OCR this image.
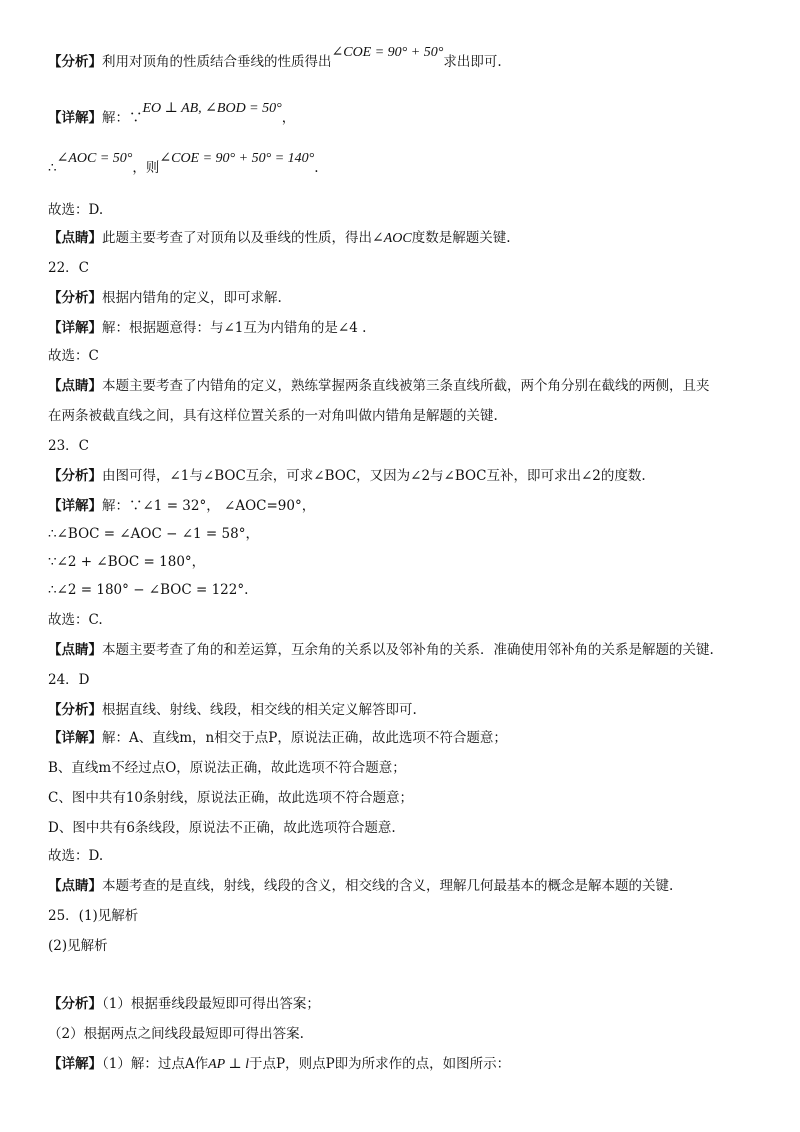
【分析】利用对顶角的性质结合垂线的性质得出∠COE = 90° + 50°求出即可.
【详解】解：∵EO ⊥ AB, ∠BOD = 50°，
∴∠AOC = 50°，则∠COE = 90° + 50° = 140°.
故选：D.
【点睛】此题主要考查了对顶角以及垂线的性质，得出∠AOC度数是解题关键.
22．C
【分析】根据内错角的定义，即可求解.
【详解】解：根据题意得：与∠1互为内错角的是∠4 .
故选：C
【点睛】本题主要考查了内错角的定义，熟练掌握两条直线被第三条直线所截，两个角分别在截线的两侧，且夹
在两条被截直线之间，具有这样位置关系的一对角叫做内错角是解题的关键.
23．C
【分析】由图可得，∠1与∠BOC互余，可求∠BOC，又因为∠2与∠BOC互补，即可求出∠2的度数.
【详解】解：∵∠1 = 32°， ∠AOC=90°，
∴∠BOC = ∠AOC − ∠1 = 58°，
∵∠2 + ∠BOC = 180°，
∴∠2 = 180° − ∠BOC = 122°.
故选：C.
【点睛】本题主要考查了角的和差运算，互余角的关系以及邻补角的关系．准确使用邻补角的关系是解题的关键.
24．D
【分析】根据直线、射线、线段，相交线的相关定义解答即可.
【详解】解：A、直线m，n相交于点P，原说法正确，故此选项不符合题意；
B、直线m不经过点O，原说法正确，故此选项不符合题意；
C、图中共有10条射线，原说法正确，故此选项不符合题意；
D、图中共有6条线段，原说法不正确，故此选项符合题意.
故选：D.
【点睛】本题考查的是直线，射线，线段的含义，相交线的含义，理解几何最基本的概念是解本题的关键.
25．(1)见解析
(2)见解析
【分析】（1）根据垂线段最短即可得出答案；
（2）根据两点之间线段最短即可得出答案.
【详解】（1）解：过点A作AP ⊥ l于点P，则点P即为所求作的点，如图所示：
